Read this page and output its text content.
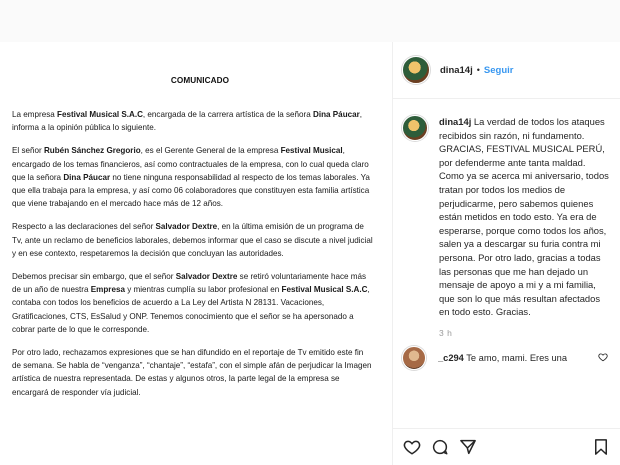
COMUNICADO

La empresa Festival Musical S.A.C, encargada de la carrera artística de la señora Dina Páucar, informa a la opinión pública lo siguiente.

El señor Rubén Sánchez Gregorio, es el Gerente General de la empresa Festival Musical, encargado de los temas financieros, así como contractuales de la empresa, con lo cual queda claro que la señora Dina Páucar no tiene ninguna responsabilidad al respecto de los temas laborales. Ya que ella trabaja para la empresa, y así como 06 colaboradores que constituyen esta familia artística que viene trabajando en el mercado hace más de 12 años.

Respecto a las declaraciones del señor Salvador Dextre, en la última emisión de un programa de Tv, ante un reclamo de beneficios laborales, debemos informar que el caso se discute a nivel judicial y en ese contexto, respetaremos la decisión que concluyan las autoridades.

Debemos precisar sin embargo, que el señor Salvador Dextre se retiró voluntariamente hace más de un año de nuestra Empresa y mientras cumplía su labor profesional en Festival Musical S.A.C, contaba con todos los beneficios de acuerdo a La Ley del Artista N 28131. Vacaciones, Gratificaciones, CTS, EsSalud y ONP. Tenemos conocimiento que el señor se ha apersonado a cobrar parte de lo que le corresponde.

Por otro lado, rechazamos expresiones que se han difundido en el reportaje de Tv emitido este fin de semana. Se habla de “venganza”, “chantaje”, “estafa”, con el simple afán de perjudicar la Imagen artística de nuestra representada. De estas y algunos otros, la parte legal de la empresa se encargará de responder vía judicial.

dina14j • Seguir
dina14j La verdad de todos los ataques recibidos sin razón, ni fundamento. GRACIAS, FESTIVAL MUSICAL PERÚ, por defenderme ante tanta maldad. Como ya se acerca mi aniversario, todos tratan por todos los medios de perjudicarme, pero sabemos quienes están metidos en todo esto. Ya era de esperarse, porque como todos los años, salen ya a descargar su furia contra mi persona. Por otro lado, gracias a todas las personas que me han dejado un mensaje de apoyo a mi y a mi familia, que son lo que más resultan afectados en todo esto. Gracias.
3 h
_c294 Te amo, mami. Eres una
